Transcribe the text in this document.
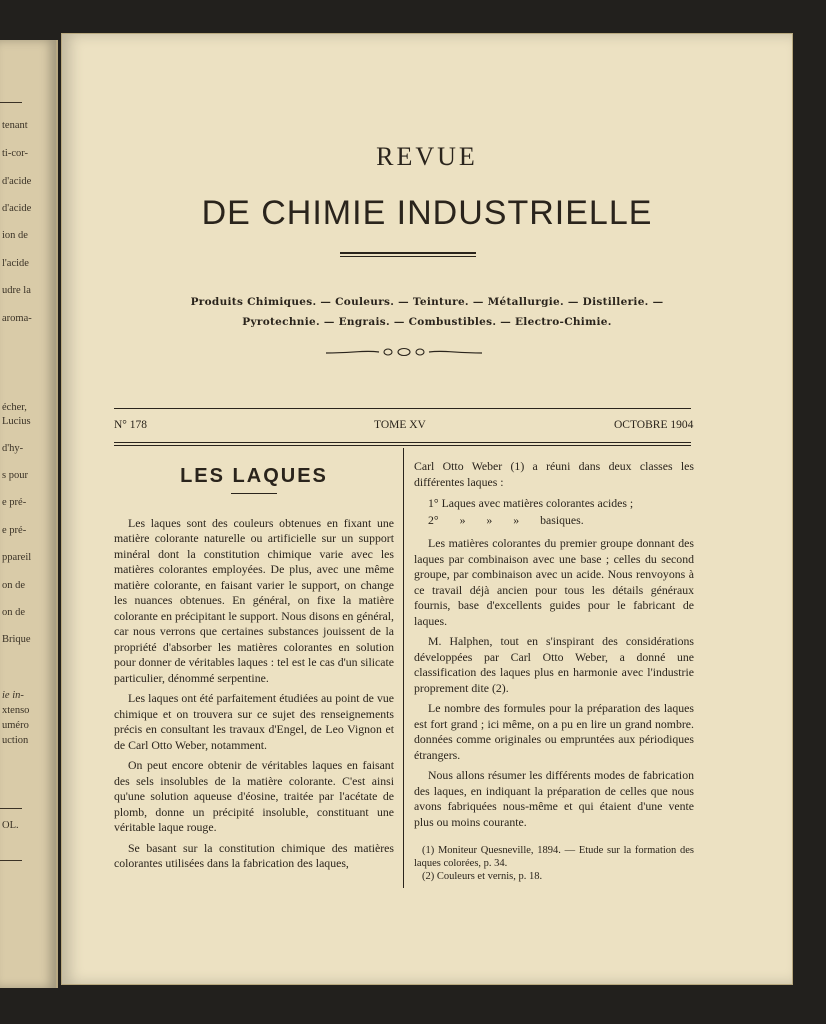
tenant
ti-cor-
d'acide
d'acide
ion de
l'acide
udre la
aroma-
écher,
Lucius
d'hy-
s pour
e pré-
e pré-
ppareil
on de
on de
Brique
ie in-
xtenso
uméro
uction
OL.
REVUE
DE CHIMIE INDUSTRIELLE
Produits Chimiques. — Couleurs. — Teinture. — Métallurgie. — Distillerie. —
Pyrotechnie. — Engrais. — Combustibles. — Electro-Chimie.
N° 178	TOME XV	OCTOBRE 1904
LES LAQUES

Les laques sont des couleurs obtenues en fixant une matière colorante naturelle ou artificielle sur un support minéral dont la constitution chimique varie avec les matières colorantes employées. De plus, avec une même matière colorante, en faisant varier le support, on change les nuances obtenues. En général, on fixe la matière colorante en précipitant le support. Nous disons en général, car nous verrons que certaines substances jouissent de la propriété d'absorber les matières colorantes en solution pour donner de véritables laques : tel est le cas d'un silicate particulier, dénommé serpentine.

Les laques ont été parfaitement étudiées au point de vue chimique et on trouvera sur ce sujet des renseignements précis en consultant les travaux d'Engel, de Leo Vignon et de Carl Otto Weber, notamment.

On peut encore obtenir de véritables laques en faisant des sels insolubles de la matière colorante. C'est ainsi qu'une solution aqueuse d'éosine, traitée par l'acétate de plomb, donne un précipité insoluble, constituant une véritable laque rouge.

Se basant sur la constitution chimique des matières colorantes utilisées dans la fabrication des laques,

Carl Otto Weber (1) a réuni dans deux classes les différentes laques :

1° Laques avec matières colorantes acides ;
2° » » » basiques.

Les matières colorantes du premier groupe donnant des laques par combinaison avec une base ; celles du second groupe, par combinaison avec un acide. Nous renvoyons à ce travail déjà ancien pour tous les détails généraux fournis, base d'excellents guides pour le fabricant de laques.

M. Halphen, tout en s'inspirant des considérations développées par Carl Otto Weber, a donné une classification des laques plus en harmonie avec l'industrie proprement dite (2).

Le nombre des formules pour la préparation des laques est fort grand ; ici même, on a pu en lire un grand nombre. données comme originales ou empruntées aux périodiques étrangers.

Nous allons résumer les différents modes de fabrication des laques, en indiquant la préparation de celles que nous avons fabriquées nous-même et qui étaient d'une vente plus ou moins courante.

(1) Moniteur Quesneville, 1894. — Etude sur la formation des laques colorées, p. 34.
(2) Couleurs et vernis, p. 18.
